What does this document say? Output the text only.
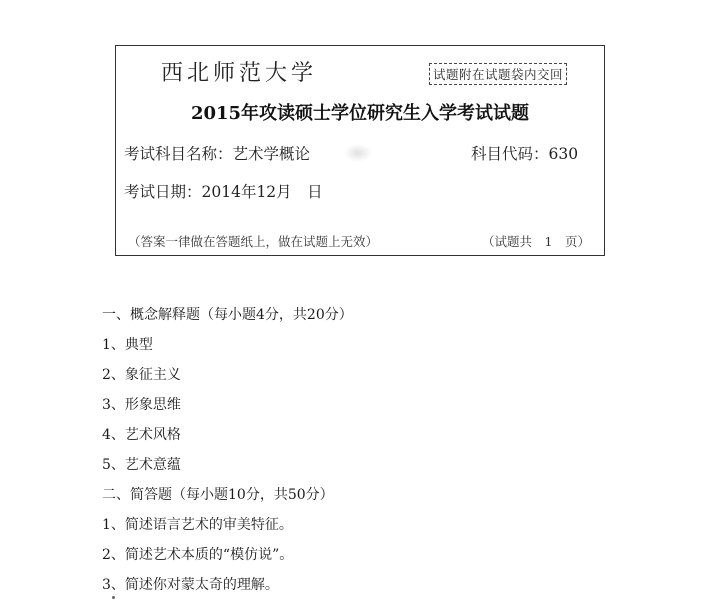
西北师范大学	试题附在试题袋内交回
2015年攻读硕士学位研究生入学考试试题
考试科目名称：艺术学概论	科目代码：630
考试日期：2014年12月　日
（答案一律做在答题纸上，做在试题上无效）	（试题共　1　页）
一、概念解释题（每小题4分，共20分）
1、典型
2、象征主义
3、形象思维
4、艺术风格
5、艺术意蕴
二、简答题（每小题10分，共50分）
1、简述语言艺术的审美特征。
2、简述艺术本质的“模仿说”。
3、简述你对蒙太奇的理解。
